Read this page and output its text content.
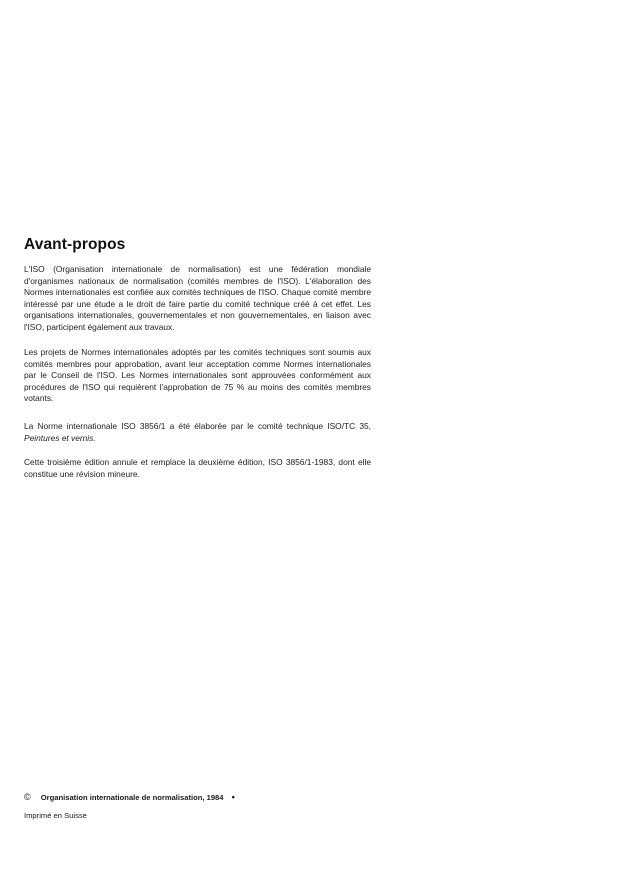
Avant-propos

L'ISO (Organisation internationale de normalisation) est une fédération mondiale d'organismes nationaux de normalisation (comités membres de l'ISO). L'élaboration des Normes internationales est confiée aux comités techniques de l'ISO. Chaque comité membre intéressé par une étude a le droit de faire partie du comité technique créé à cet effet. Les organisations internationales, gouvernementales et non gouvernementales, en liaison avec l'ISO, participent également aux travaux.

Les projets de Normes internationales adoptés par les comités techniques sont soumis aux comités membres pour approbation, avant leur acceptation comme Normes internationales par le Conseil de l'ISO. Les Normes internationales sont approuvées conformément aux procédures de l'ISO qui requièrent l'approbation de 75 % au moins des comités membres votants.

La Norme internationale ISO 3856/1 a été élaborée par le comité technique ISO/TC 35, Peintures et vernis.

Cette troisième édition annule et remplace la deuxième édition, ISO 3856/1-1983, dont elle constitue une révision mineure.

© Organisation internationale de normalisation, 1984 •
Imprimé en Suisse
